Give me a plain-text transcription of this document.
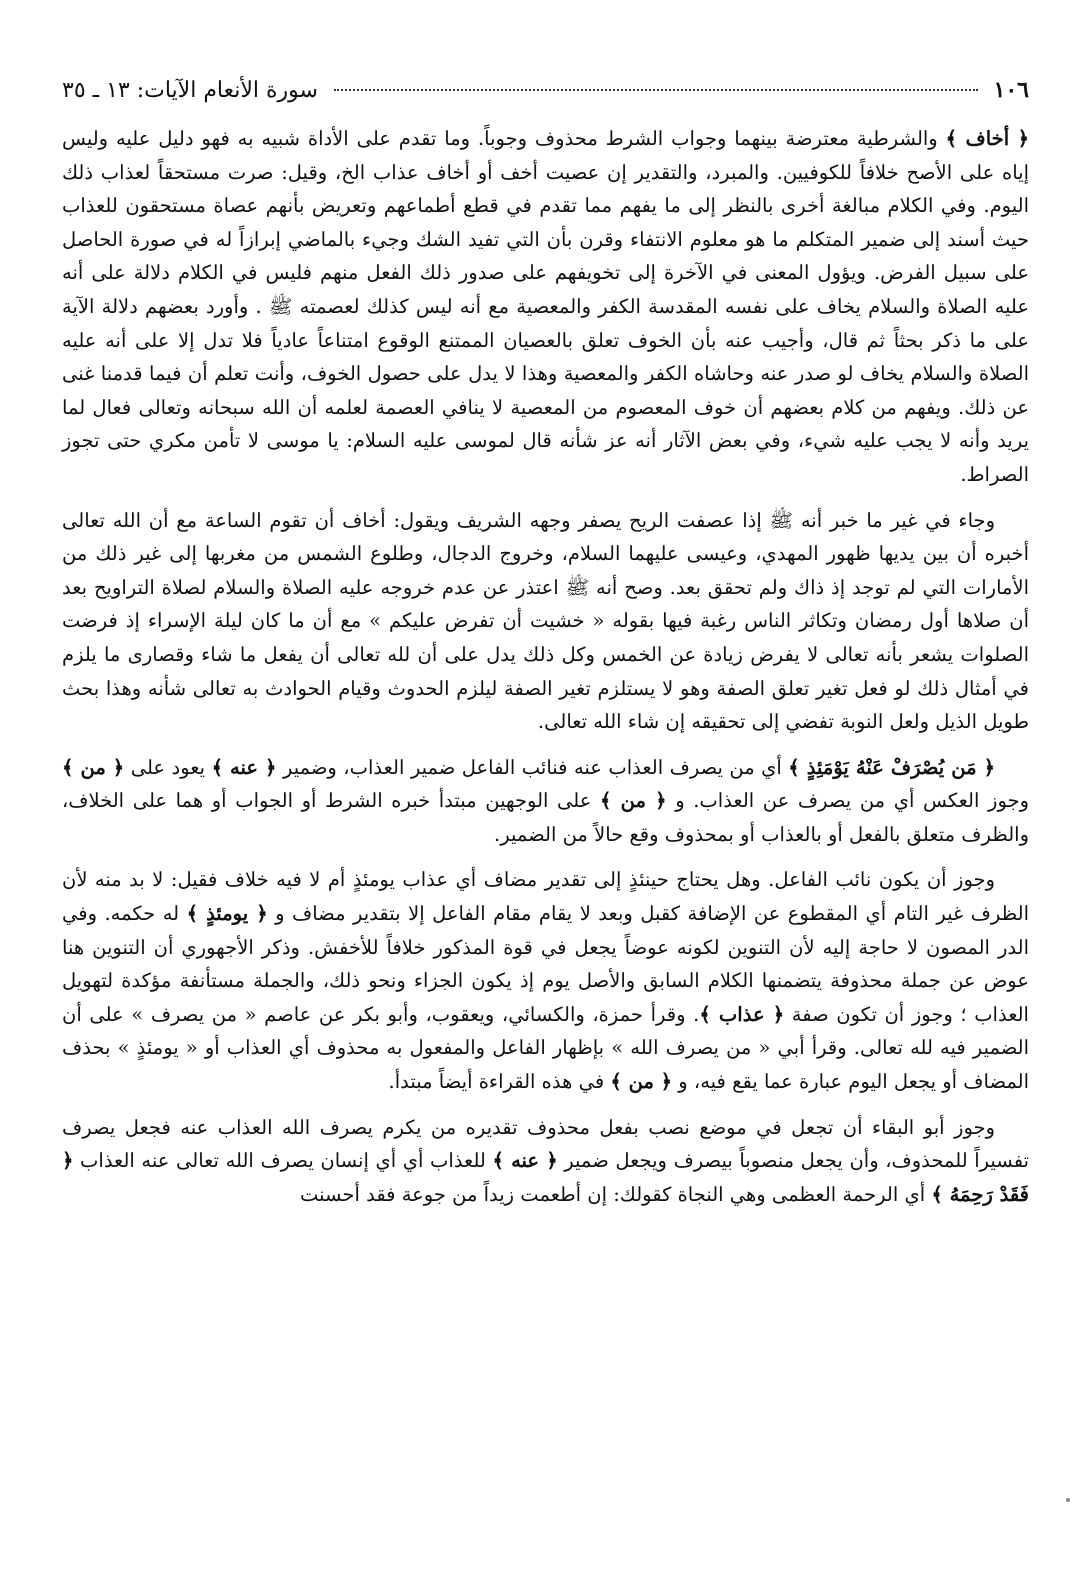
١٠٦
سورة الأنعام الآيات: ١٣ ـ ٣٥

﴿ أخاف ﴾ والشرطية معترضة بينهما وجواب الشرط محذوف وجوباً. وما تقدم على الأداة شبيه به فهو دليل عليه وليس إياه على الأصح خلافاً للكوفيين. والمبرد، والتقدير إن عصيت أخف أو أخاف عذاب الخ، وقيل: صرت مستحقاً لعذاب ذلك اليوم. وفي الكلام مبالغة أخرى بالنظر إلى ما يفهم مما تقدم في قطع أطماعهم وتعريض بأنهم عصاة مستحقون للعذاب حيث أسند إلى ضمير المتكلم ما هو معلوم الانتفاء وقرن بأن التي تفيد الشك وجيء بالماضي إبرازاً له في صورة الحاصل على سبيل الفرض. ويؤول المعنى في الآخرة إلى تخويفهم على صدور ذلك الفعل منهم فليس في الكلام دلالة على أنه عليه الصلاة والسلام يخاف على نفسه المقدسة الكفر والمعصية مع أنه ليس كذلك لعصمته ﷺ . وأورد بعضهم دلالة الآية على ما ذكر بحثاً ثم قال، وأجيب عنه بأن الخوف تعلق بالعصيان الممتنع الوقوع امتناعاً عادياً فلا تدل إلا على أنه عليه الصلاة والسلام يخاف لو صدر عنه وحاشاه الكفر والمعصية وهذا لا يدل على حصول الخوف، وأنت تعلم أن فيما قدمنا غنى عن ذلك. ويفهم من كلام بعضهم أن خوف المعصوم من المعصية لا ينافي العصمة لعلمه أن الله سبحانه وتعالى فعال لما يريد وأنه لا يجب عليه شيء، وفي بعض الآثار أنه عز شأنه قال لموسى عليه السلام: يا موسى لا تأمن مكري حتى تجوز الصراط.

وجاء في غير ما خبر أنه ﷺ إذا عصفت الريح يصفر وجهه الشريف ويقول: أخاف أن تقوم الساعة مع أن الله تعالى أخبره أن بين يديها ظهور المهدي، وعيسى عليهما السلام، وخروج الدجال، وطلوع الشمس من مغربها إلى غير ذلك من الأمارات التي لم توجد إذ ذاك ولم تحقق بعد. وصح أنه ﷺ اعتذر عن عدم خروجه عليه الصلاة والسلام لصلاة التراويح بعد أن صلاها أول رمضان وتكاثر الناس رغبة فيها بقوله « خشيت أن تفرض عليكم » مع أن ما كان ليلة الإسراء إذ فرضت الصلوات يشعر بأنه تعالى لا يفرض زيادة عن الخمس وكل ذلك يدل على أن لله تعالى أن يفعل ما شاء وقصارى ما يلزم في أمثال ذلك لو فعل تغير تعلق الصفة وهو لا يستلزم تغير الصفة ليلزم الحدوث وقيام الحوادث به تعالى شأنه وهذا بحث طويل الذيل ولعل النوبة تفضي إلى تحقيقه إن شاء الله تعالى.

﴿ مَن يُصْرَفْ عَنْهُ يَوْمَئِذٍ ﴾ أي من يصرف العذاب عنه فنائب الفاعل ضمير العذاب، وضمير ﴿ عنه ﴾ يعود على ﴿ من ﴾ وجوز العكس أي من يصرف عن العذاب. و ﴿ من ﴾ على الوجهين مبتدأ خبره الشرط أو الجواب أو هما على الخلاف، والظرف متعلق بالفعل أو بالعذاب أو بمحذوف وقع حالاً من الضمير.

وجوز أن يكون نائب الفاعل. وهل يحتاج حينئذٍ إلى تقدير مضاف أي عذاب يومئذٍ أم لا فيه خلاف فقيل: لا بد منه لأن الظرف غير التام أي المقطوع عن الإضافة كقبل وبعد لا يقام مقام الفاعل إلا بتقدير مضاف و ﴿ يومئذٍ ﴾ له حكمه. وفي الدر المصون لا حاجة إليه لأن التنوين لكونه عوضاً يجعل في قوة المذكور خلافاً للأخفش. وذكر الأجهوري أن التنوين هنا عوض عن جملة محذوفة يتضمنها الكلام السابق والأصل يوم إذ يكون الجزاء ونحو ذلك، والجملة مستأنفة مؤكدة لتهويل العذاب ؛ وجوز أن تكون صفة ﴿ عذاب ﴾. وقرأ حمزة، والكسائي، ويعقوب، وأبو بكر عن عاصم « من يصرف » على أن الضمير فيه لله تعالى. وقرأ أبي « من يصرف الله » بإظهار الفاعل والمفعول به محذوف أي العذاب أو « يومئذٍ » بحذف المضاف أو يجعل اليوم عبارة عما يقع فيه، و ﴿ من ﴾ في هذه القراءة أيضاً مبتدأ.

وجوز أبو البقاء أن تجعل في موضع نصب بفعل محذوف تقديره من يكرم يصرف الله العذاب عنه فجعل يصرف تفسيراً للمحذوف، وأن يجعل منصوباً بيصرف ويجعل ضمير ﴿ عنه ﴾ للعذاب أي أي إنسان يصرف الله تعالى عنه العذاب ﴿ فَقَدْ رَحِمَهُ ﴾ أي الرحمة العظمى وهي النجاة كقولك: إن أطعمت زيداً من جوعة فقد أحسنت
